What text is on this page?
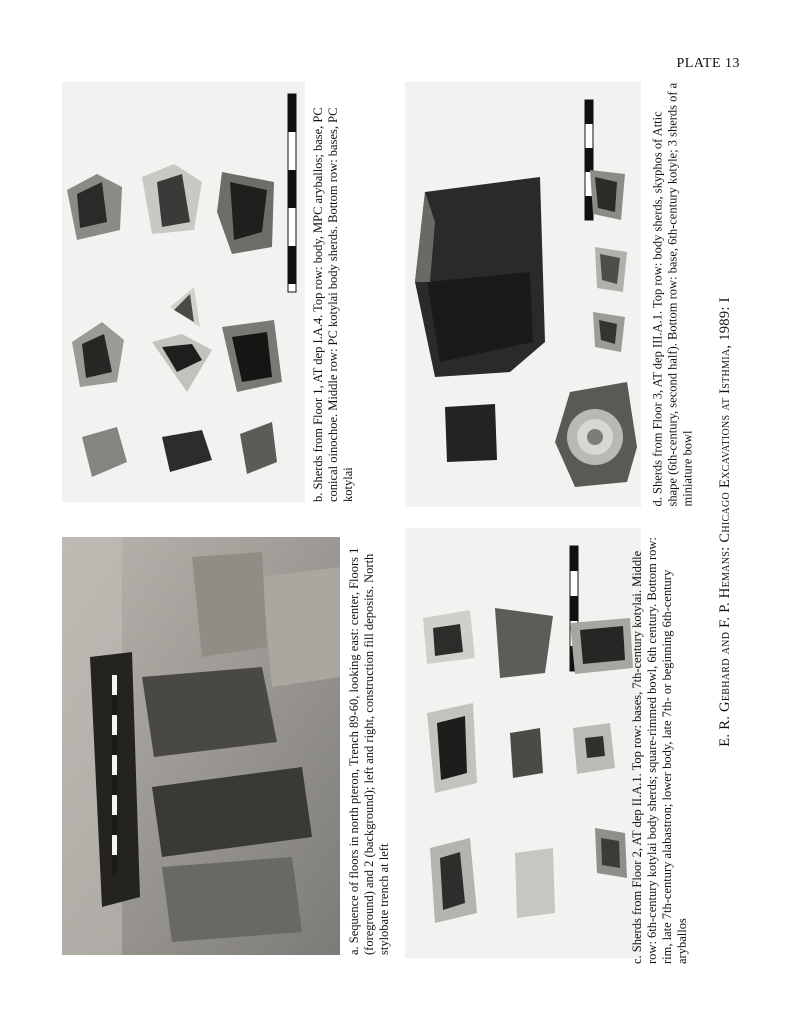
PLATE 13
b. Sherds from Floor 1, AT dep I.A.4. Top row: body, MPC aryballos; base, PC conical oinochoe. Middle row: PC kotylai body sherds. Bottom row: bases, PC kotylai	d. Sherds from Floor 3, AT dep III.A.1. Top row: body sherds, skyphos of Attic shape (6th-century, second half). Bottom row: base, 6th-century kotyle; 3 sherds of a miniature bowl
a. Sequence of floors in north pteron, Trench 89-60, looking east: center, Floors 1 (foreground) and 2 (background); left and right, construction fill deposits. North stylobate trench at left	c. Sherds from Floor 2, AT dep II.A.1. Top row: bases, 7th-century kotylai. Middle row: 6th-century kotylai body sherds; square-rimmed bowl, 6th century. Bottom row: rim, late 7th-century alabastron; lower body, late 7th- or beginning 6th-century aryballos
E. R. Gebhard and F. P. Hemans: Chicago Excavations at Isthmia, 1989: I
